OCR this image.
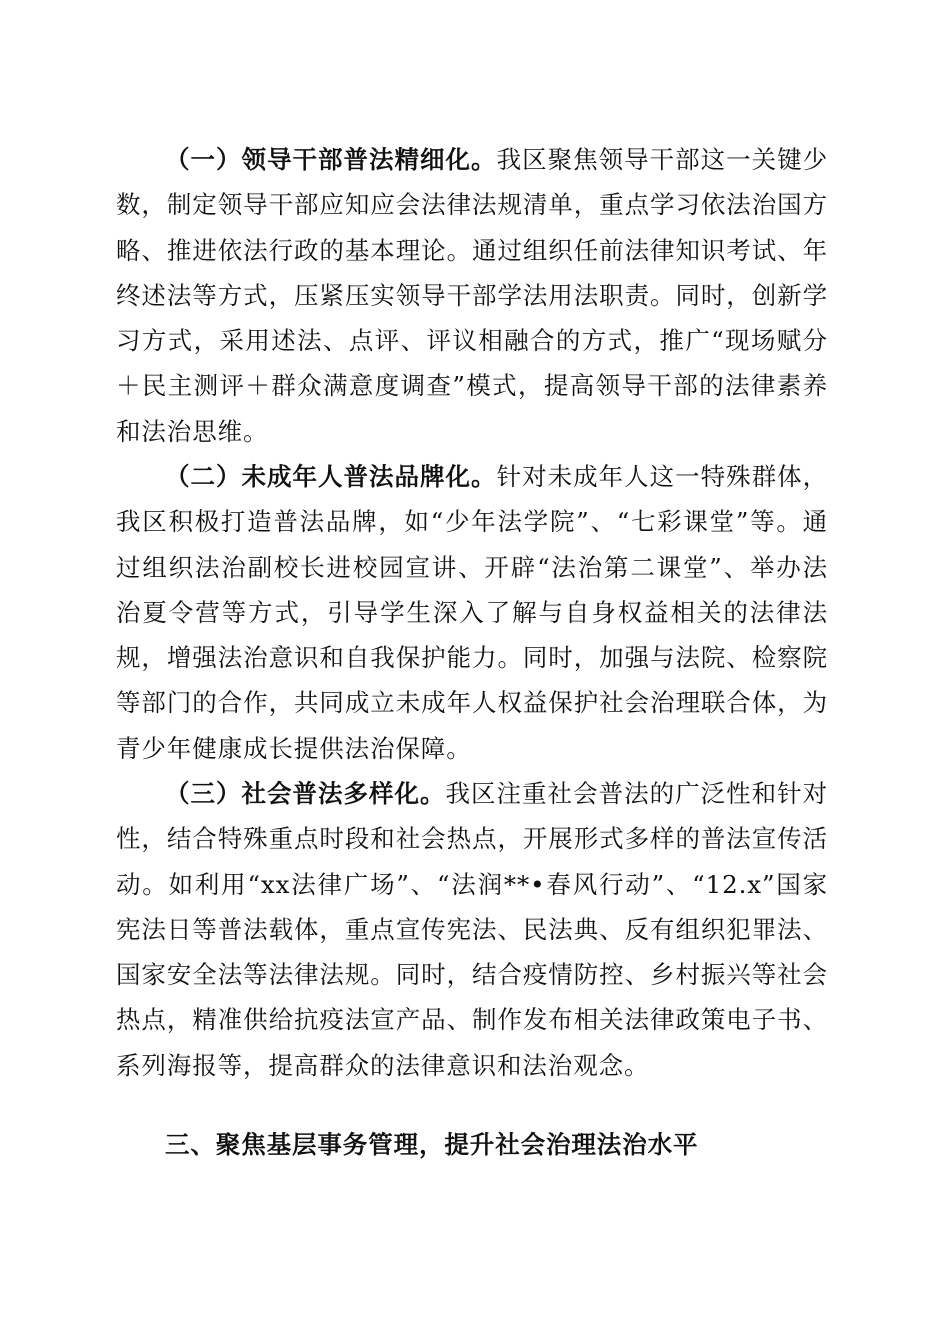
（一）领导干部普法精细化。我区聚焦领导干部这一关键少数，制定领导干部应知应会法律法规清单，重点学习依法治国方略、推进依法行政的基本理论。通过组织任前法律知识考试、年终述法等方式，压紧压实领导干部学法用法职责。同时，创新学习方式，采用述法、点评、评议相融合的方式，推广“现场赋分＋民主测评＋群众满意度调查”模式，提高领导干部的法律素养和法治思维。

（二）未成年人普法品牌化。针对未成年人这一特殊群体，我区积极打造普法品牌，如“少年法学院”、“七彩课堂”等。通过组织法治副校长进校园宣讲、开辟“法治第二课堂”、举办法治夏令营等方式，引导学生深入了解与自身权益相关的法律法规，增强法治意识和自我保护能力。同时，加强与法院、检察院等部门的合作，共同成立未成年人权益保护社会治理联合体，为青少年健康成长提供法治保障。

（三）社会普法多样化。我区注重社会普法的广泛性和针对性，结合特殊重点时段和社会热点，开展形式多样的普法宣传活动。如利用“xx法律广场”、“法润**•春风行动”、“12.x”国家宪法日等普法载体，重点宣传宪法、民法典、反有组织犯罪法、国家安全法等法律法规。同时，结合疫情防控、乡村振兴等社会热点，精准供给抗疫法宣产品、制作发布相关法律政策电子书、系列海报等，提高群众的法律意识和法治观念。

三、聚焦基层事务管理，提升社会治理法治水平
